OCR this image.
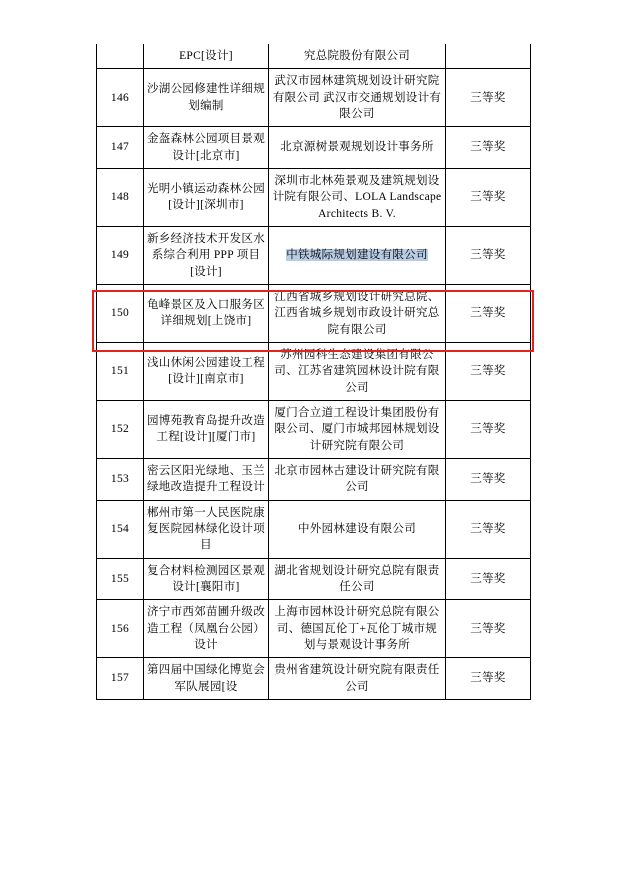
	EPC[设计]	究总院股份有限公司	
146	沙湖公园修建性详细规划编制	武汉市园林建筑规划设计研究院有限公司 武汉市交通规划设计有限公司	三等奖
147	金盔森林公园项目景观设计[北京市]	北京源树景观规划设计事务所	三等奖
148	光明小镇运动森林公园[设计][深圳市]	深圳市北林苑景观及建筑规划设计院有限公司、LOLA Landscape Architects B. V.	三等奖
149	新乡经济技术开发区水系综合利用 PPP 项目[设计]	中铁城际规划建设有限公司	三等奖
150	龟峰景区及入口服务区详细规划[上饶市]	江西省城乡规划设计研究总院、江西省城乡规划市政设计研究总院有限公司	三等奖
151	浅山休闲公园建设工程[设计][南京市]	苏州园科生态建设集团有限公司、江苏省建筑园林设计院有限公司	三等奖
152	园博苑教育岛提升改造工程[设计][厦门市]	厦门合立道工程设计集团股份有限公司、厦门市城邦园林规划设计研究院有限公司	三等奖
153	密云区阳光绿地、玉兰绿地改造提升工程设计	北京市园林古建设计研究院有限公司	三等奖
154	郴州市第一人民医院康复医院园林绿化设计项目	中外园林建设有限公司	三等奖
155	复合材料检测园区景观设计[襄阳市]	湖北省规划设计研究总院有限责任公司	三等奖
156	济宁市西郊苗圃升级改造工程（凤凰台公园）设计	上海市园林设计研究总院有限公司、德国瓦伦丁+瓦伦丁城市规划与景观设计事务所	三等奖
157	第四届中国绿化博览会军队展园[设	贵州省建筑设计研究院有限责任公司	三等奖
